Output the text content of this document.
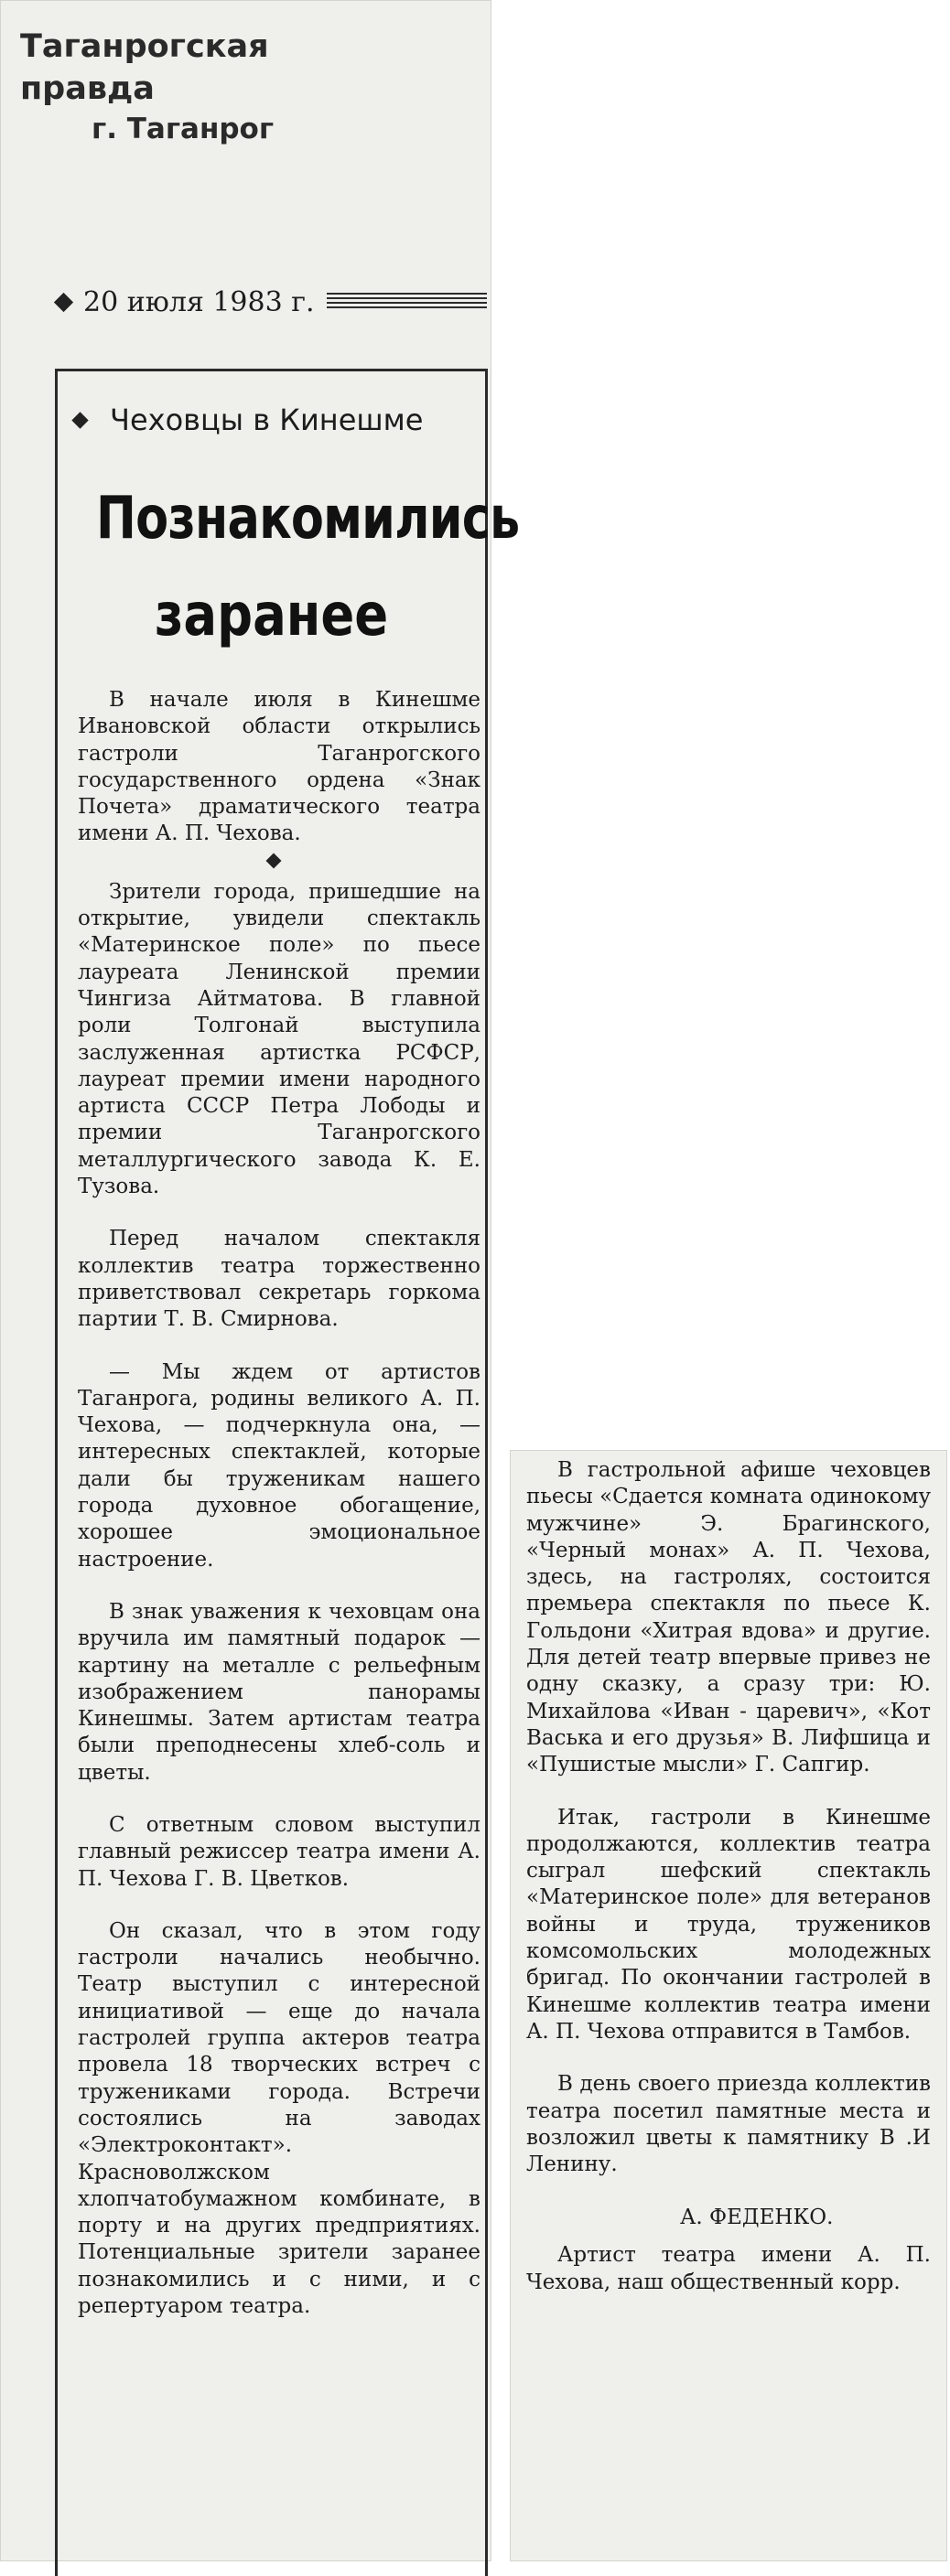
Таганрогская правда
г. Таганрог
20 июля 1983 г.
Чеховцы в Кинешме
Познакомились
заранее

В начале июля в Кинешме Ивановской области открылись гастроли Таганрогского государственного ордена «Знак Почета» драматического театра имени А. П. Чехова.

Зрители города, пришедшие на открытие, увидели спектакль «Материнское поле» по пьесе лауреата Ленинской премии Чингиза Айтматова. В главной роли Толгонай выступила заслуженная артистка РСФСР, лауреат премии имени народного артиста СССР Петра Лободы и премии Таганрогского металлургического завода К. Е. Тузова.

Перед началом спектакля коллектив театра торжественно приветствовал секретарь горкома партии Т. В. Смирнова.

— Мы ждем от артистов Таганрога, родины великого А. П. Чехова, — подчеркнула она, — интересных спектаклей, которые дали бы труженикам нашего города духовное обогащение, хорошее эмоциональное настроение.

В знак уважения к чеховцам она вручила им памятный подарок — картину на металле с рельефным изображением панорамы Кинешмы. Затем артистам театра были преподнесены хлеб-соль и цветы.

С ответным словом выступил главный режиссер театра имени А. П. Чехова Г. В. Цветков.

Он сказал, что в этом году гастроли начались необычно. Театр выступил с интересной инициативой — еще до начала гастролей группа актеров театра провела 18 творческих встреч с тружениками города. Встречи состоялись на заводах «Электроконтакт». Красноволжском хлопчатобумажном комбинате, в порту и на других предприятиях. Потенциальные зрители заранее познакомились и с ними, и с репертуаром театра.

В гастрольной афише чеховцев пьесы «Сдается комната одинокому мужчине» Э. Брагинского, «Черный монах» А. П. Чехова, здесь, на гастролях, состоится премьера спектакля по пьесе К. Гольдони «Хитрая вдова» и другие. Для детей театр впервые привез не одну сказку, а сразу три: Ю. Михайлова «Иван - царевич», «Кот Васька и его друзья» В. Лифшица и «Пушистые мысли» Г. Сапгир.

Итак, гастроли в Кинешме продолжаются, коллектив театра сыграл шефский спектакль «Материнское поле» для ветеранов войны и труда, тружеников комсомольских молодежных бригад. По окончании гастролей в Кинешме коллектив театра имени А. П. Чехова отправится в Тамбов.

В день своего приезда коллектив театра посетил памятные места и возложил цветы к памятнику В .И Ленину.

А. ФЕДЕНКО.

Артист театра имени А. П. Чехова, наш общественный корр.
